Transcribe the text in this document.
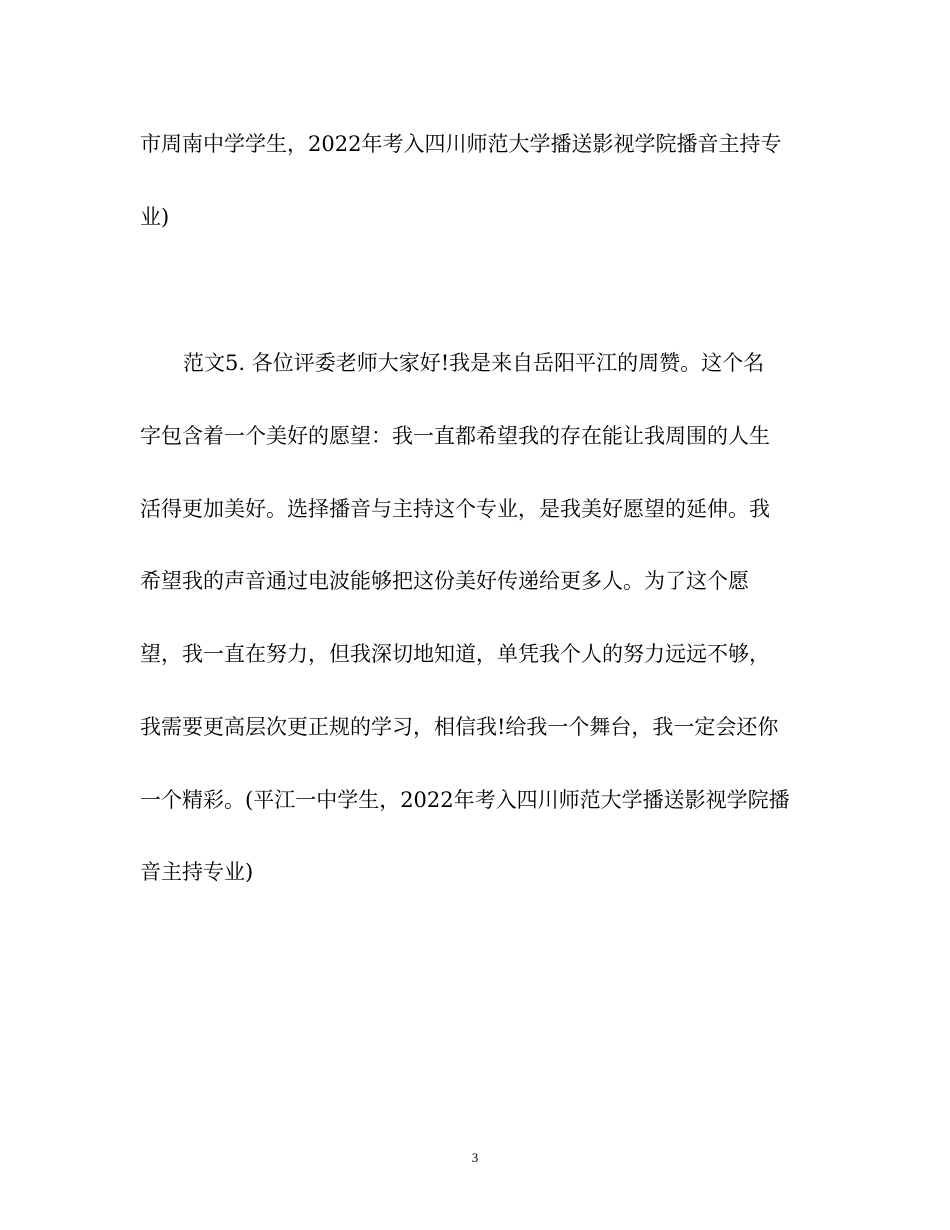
市周南中学学生，2022年考入四川师范大学播送影视学院播音主持专
业)
范文5. 各位评委老师大家好!我是来自岳阳平江的周赞。这个名
字包含着一个美好的愿望：我一直都希望我的存在能让我周围的人生
活得更加美好。选择播音与主持这个专业，是我美好愿望的延伸。我
希望我的声音通过电波能够把这份美好传递给更多人。为了这个愿
望，我一直在努力，但我深切地知道，单凭我个人的努力远远不够，
我需要更高层次更正规的学习，相信我!给我一个舞台，我一定会还你
一个精彩。(平江一中学生，2022年考入四川师范大学播送影视学院播
音主持专业)
3
